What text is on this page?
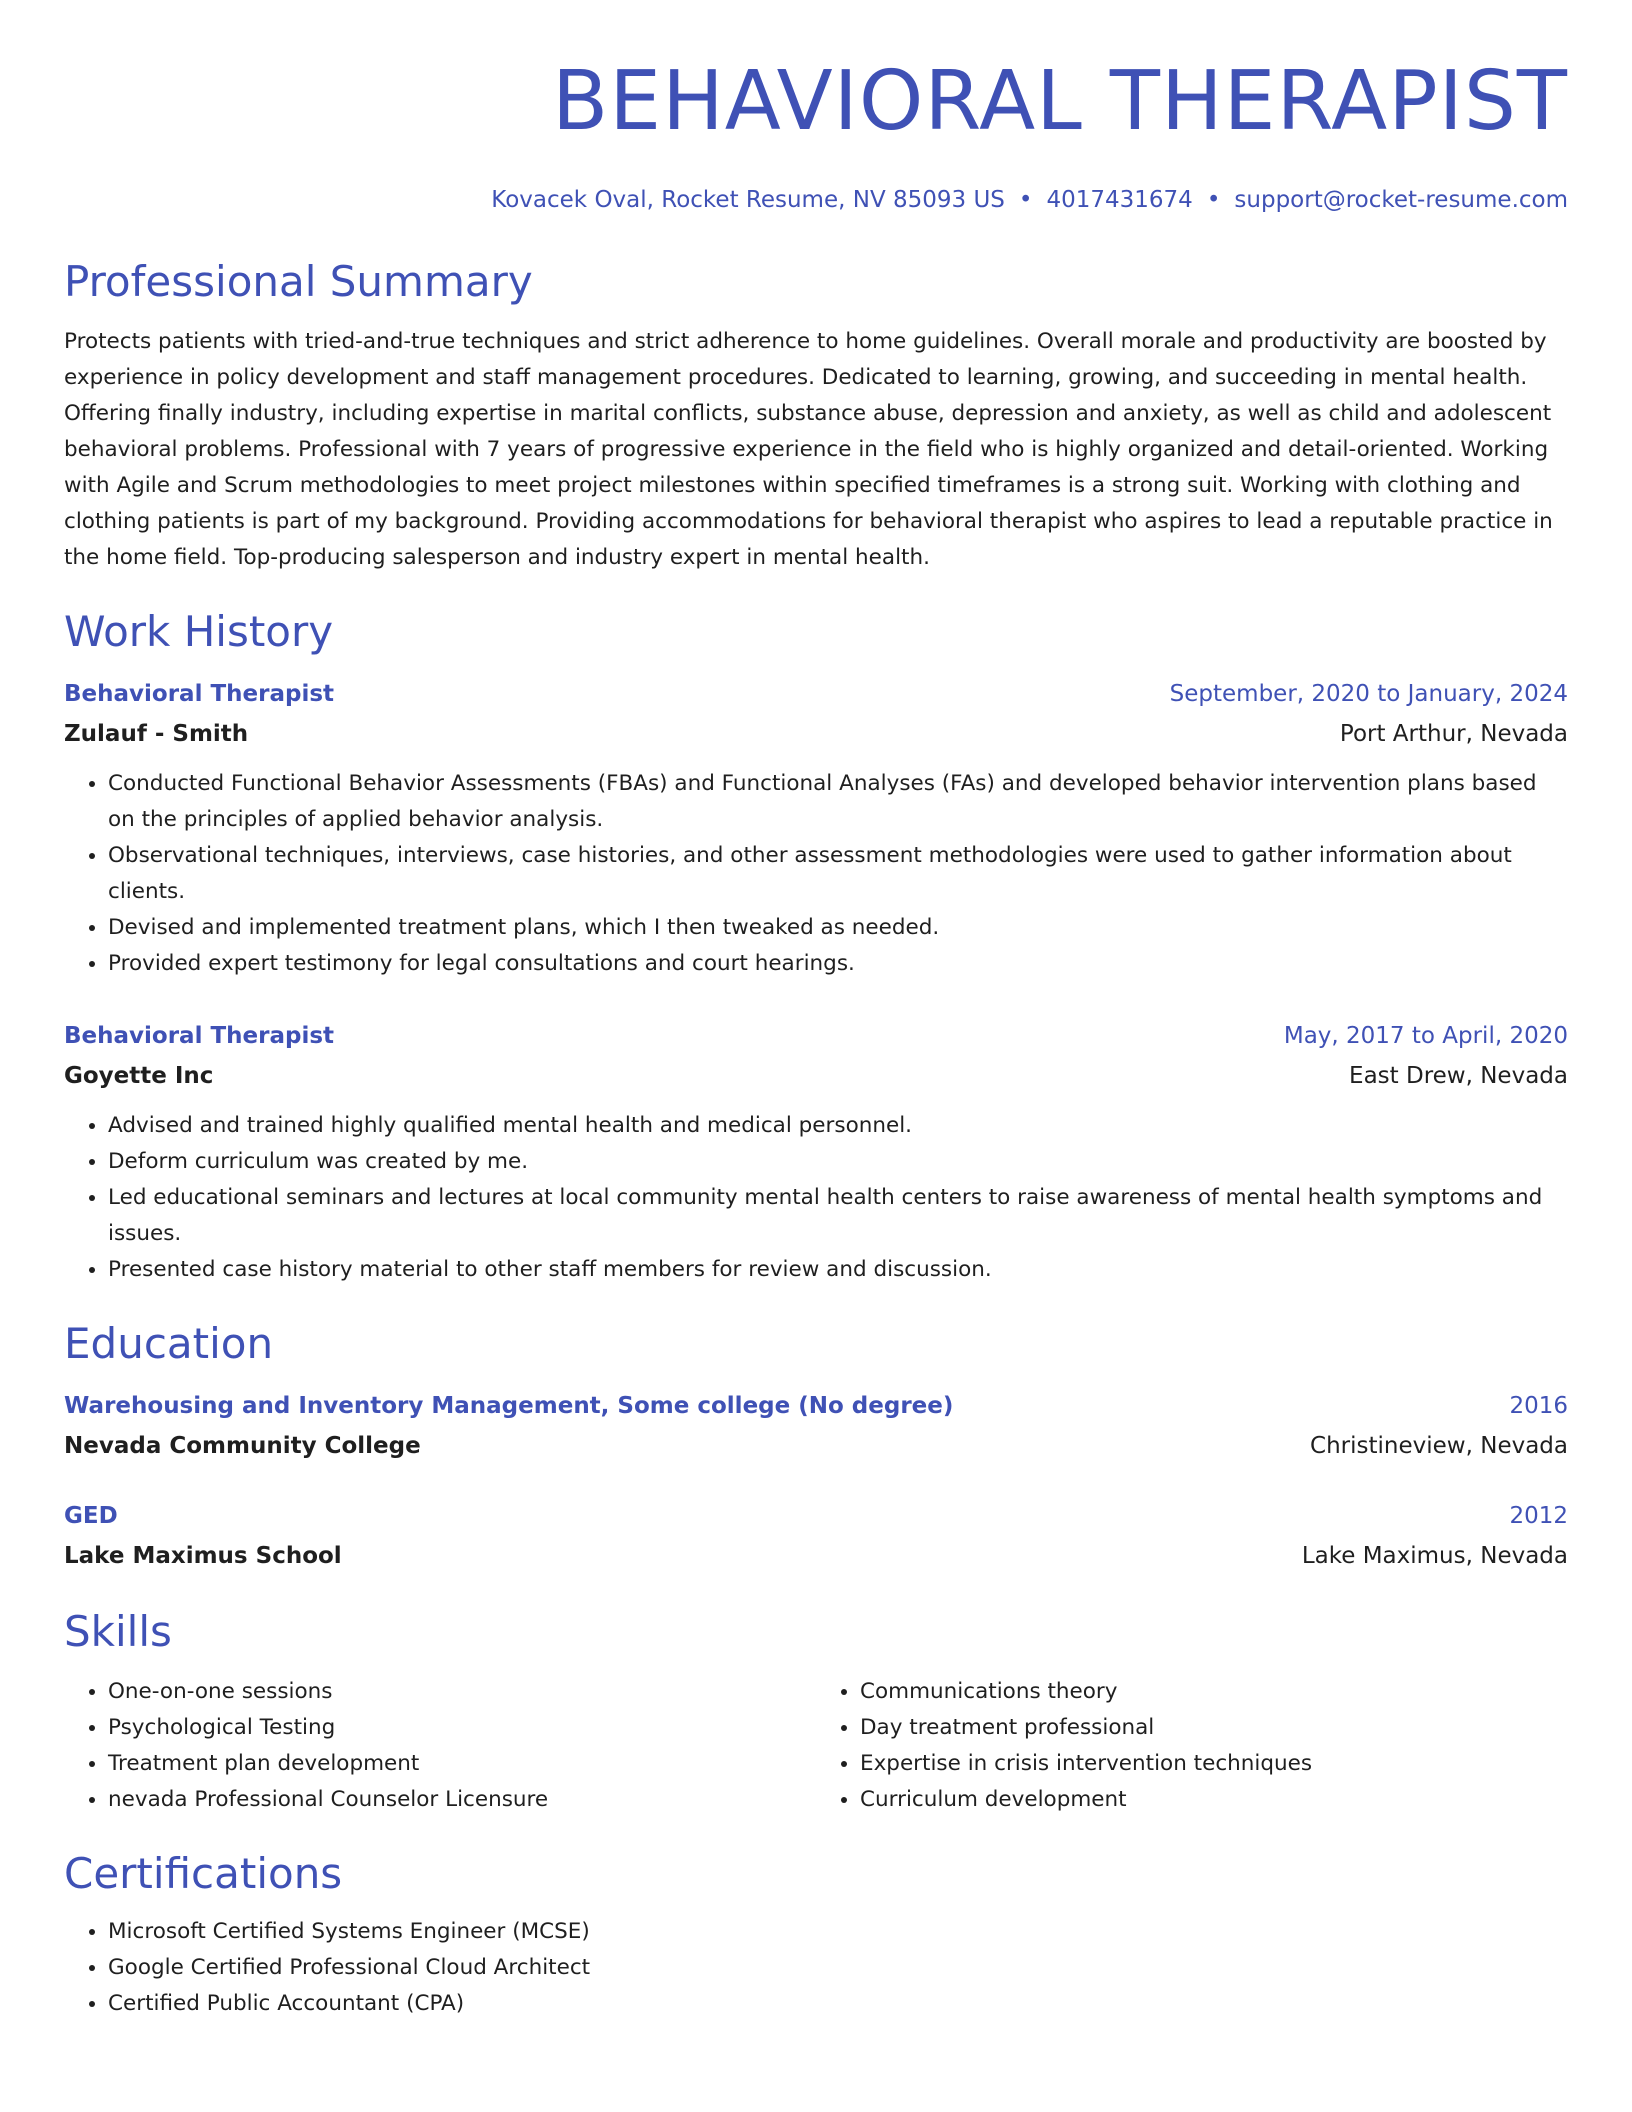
BEHAVIORAL THERAPIST
Kovacek Oval, Rocket Resume, NV 85093 US • 4017431674 • support@rocket-resume.com
Professional Summary
Protects patients with tried-and-true techniques and strict adherence to home guidelines. Overall morale and productivity are boosted by experience in policy development and staff management procedures. Dedicated to learning, growing, and succeeding in mental health. Offering finally industry, including expertise in marital conflicts, substance abuse, depression and anxiety, as well as child and adolescent behavioral problems. Professional with 7 years of progressive experience in the field who is highly organized and detail-oriented. Working with Agile and Scrum methodologies to meet project milestones within specified timeframes is a strong suit. Working with clothing and clothing patients is part of my background. Providing accommodations for behavioral therapist who aspires to lead a reputable practice in the home field. Top-producing salesperson and industry expert in mental health.
Work History
Behavioral Therapist	September, 2020 to January, 2024
Zulauf - Smith	Port Arthur, Nevada
• Conducted Functional Behavior Assessments (FBAs) and Functional Analyses (FAs) and developed behavior intervention plans based on the principles of applied behavior analysis.
• Observational techniques, interviews, case histories, and other assessment methodologies were used to gather information about clients.
• Devised and implemented treatment plans, which I then tweaked as needed.
• Provided expert testimony for legal consultations and court hearings.
Behavioral Therapist	May, 2017 to April, 2020
Goyette Inc	East Drew, Nevada
• Advised and trained highly qualified mental health and medical personnel.
• Deform curriculum was created by me.
• Led educational seminars and lectures at local community mental health centers to raise awareness of mental health symptoms and issues.
• Presented case history material to other staff members for review and discussion.
Education
Warehousing and Inventory Management, Some college (No degree)	2016
Nevada Community College	Christineview, Nevada
GED	2012
Lake Maximus School	Lake Maximus, Nevada
Skills
• One-on-one sessions
• Psychological Testing
• Treatment plan development
• nevada Professional Counselor Licensure
• Communications theory
• Day treatment professional
• Expertise in crisis intervention techniques
• Curriculum development
Certifications
• Microsoft Certified Systems Engineer (MCSE)
• Google Certified Professional Cloud Architect
• Certified Public Accountant (CPA)
